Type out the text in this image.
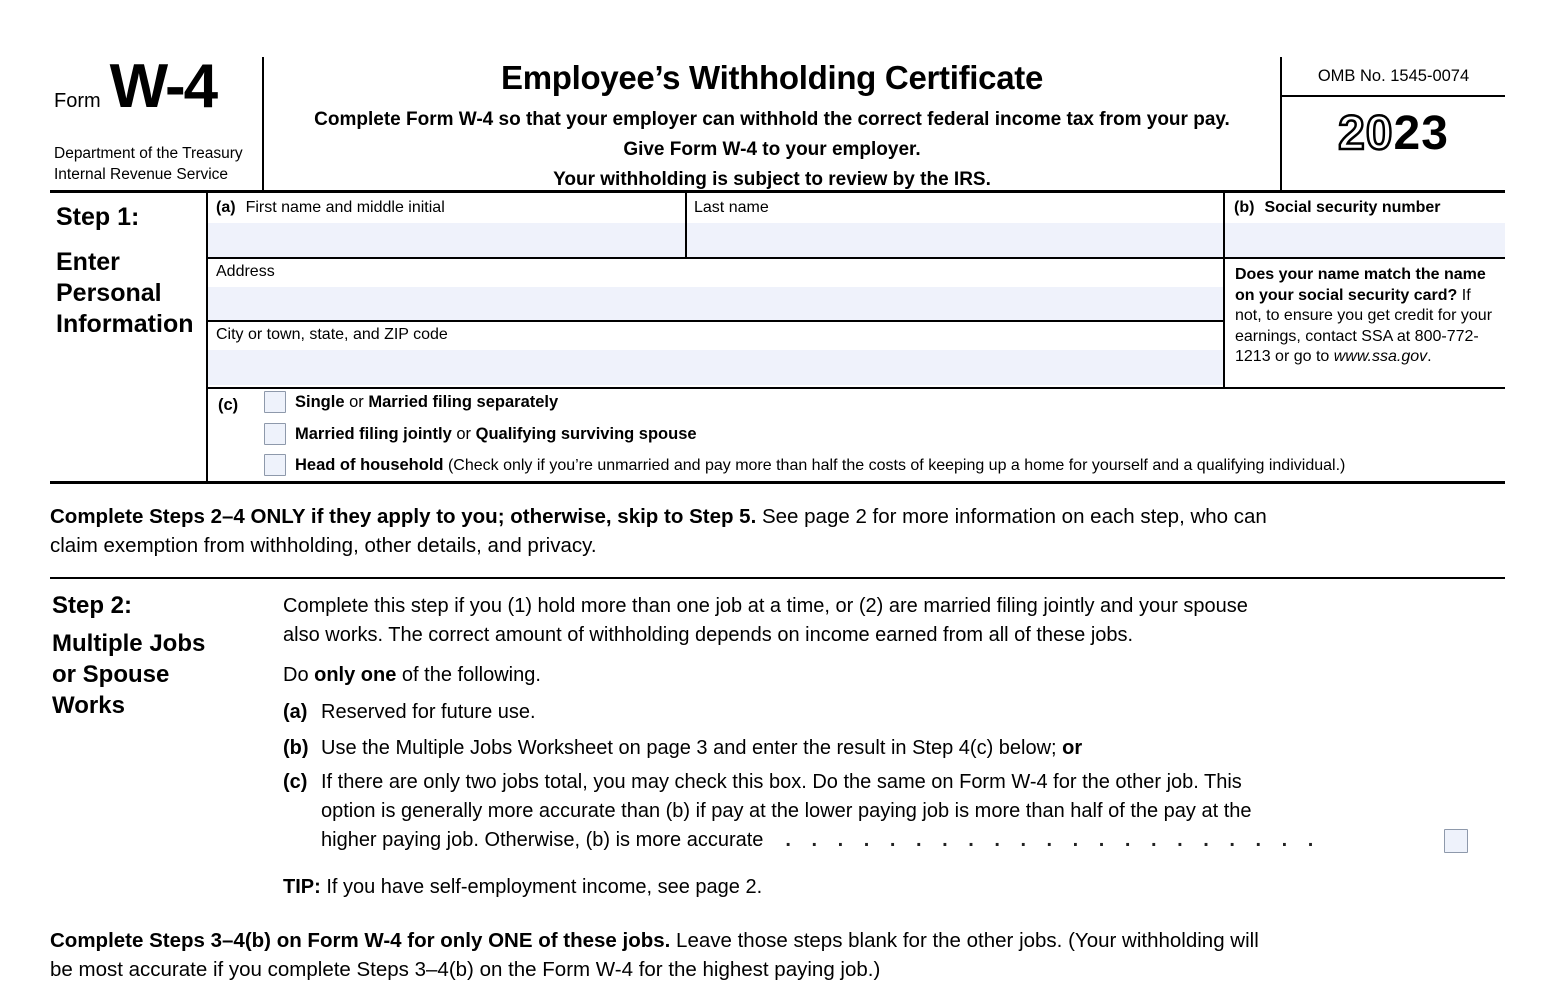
Form W-4
Department of the Treasury
Internal Revenue Service
Employee’s Withholding Certificate
Complete Form W-4 so that your employer can withhold the correct federal income tax from your pay.
Give Form W-4 to your employer.
Your withholding is subject to review by the IRS.
OMB No. 1545-0074
2023
Step 1:
Enter
Personal
Information
(a) First name and middle initial	Last name	(b) Social security number
Address
City or town, state, and ZIP code
Does your name match the name on your social security card? If not, to ensure you get credit for your earnings, contact SSA at 800-772-1213 or go to www.ssa.gov.
(c)	Single or Married filing separately
Married filing jointly or Qualifying surviving spouse
Head of household (Check only if you’re unmarried and pay more than half the costs of keeping up a home for yourself and a qualifying individual.)
Complete Steps 2–4 ONLY if they apply to you; otherwise, skip to Step 5. See page 2 for more information on each step, who can
claim exemption from withholding, other details, and privacy.
Step 2:
Multiple Jobs
or Spouse
Works
Complete this step if you (1) hold more than one job at a time, or (2) are married filing jointly and your spouse
also works. The correct amount of withholding depends on income earned from all of these jobs.
Do only one of the following.
(a) Reserved for future use.
(b) Use the Multiple Jobs Worksheet on page 3 and enter the result in Step 4(c) below; or
(c) If there are only two jobs total, you may check this box. Do the same on Form W-4 for the other job. This
option is generally more accurate than (b) if pay at the lower paying job is more than half of the pay at the
higher paying job. Otherwise, (b) is more accurate	. . . . . . . . . . . . . . . . . . . . .
TIP: If you have self-employment income, see page 2.
Complete Steps 3–4(b) on Form W-4 for only ONE of these jobs. Leave those steps blank for the other jobs. (Your withholding will
be most accurate if you complete Steps 3–4(b) on the Form W-4 for the highest paying job.)
